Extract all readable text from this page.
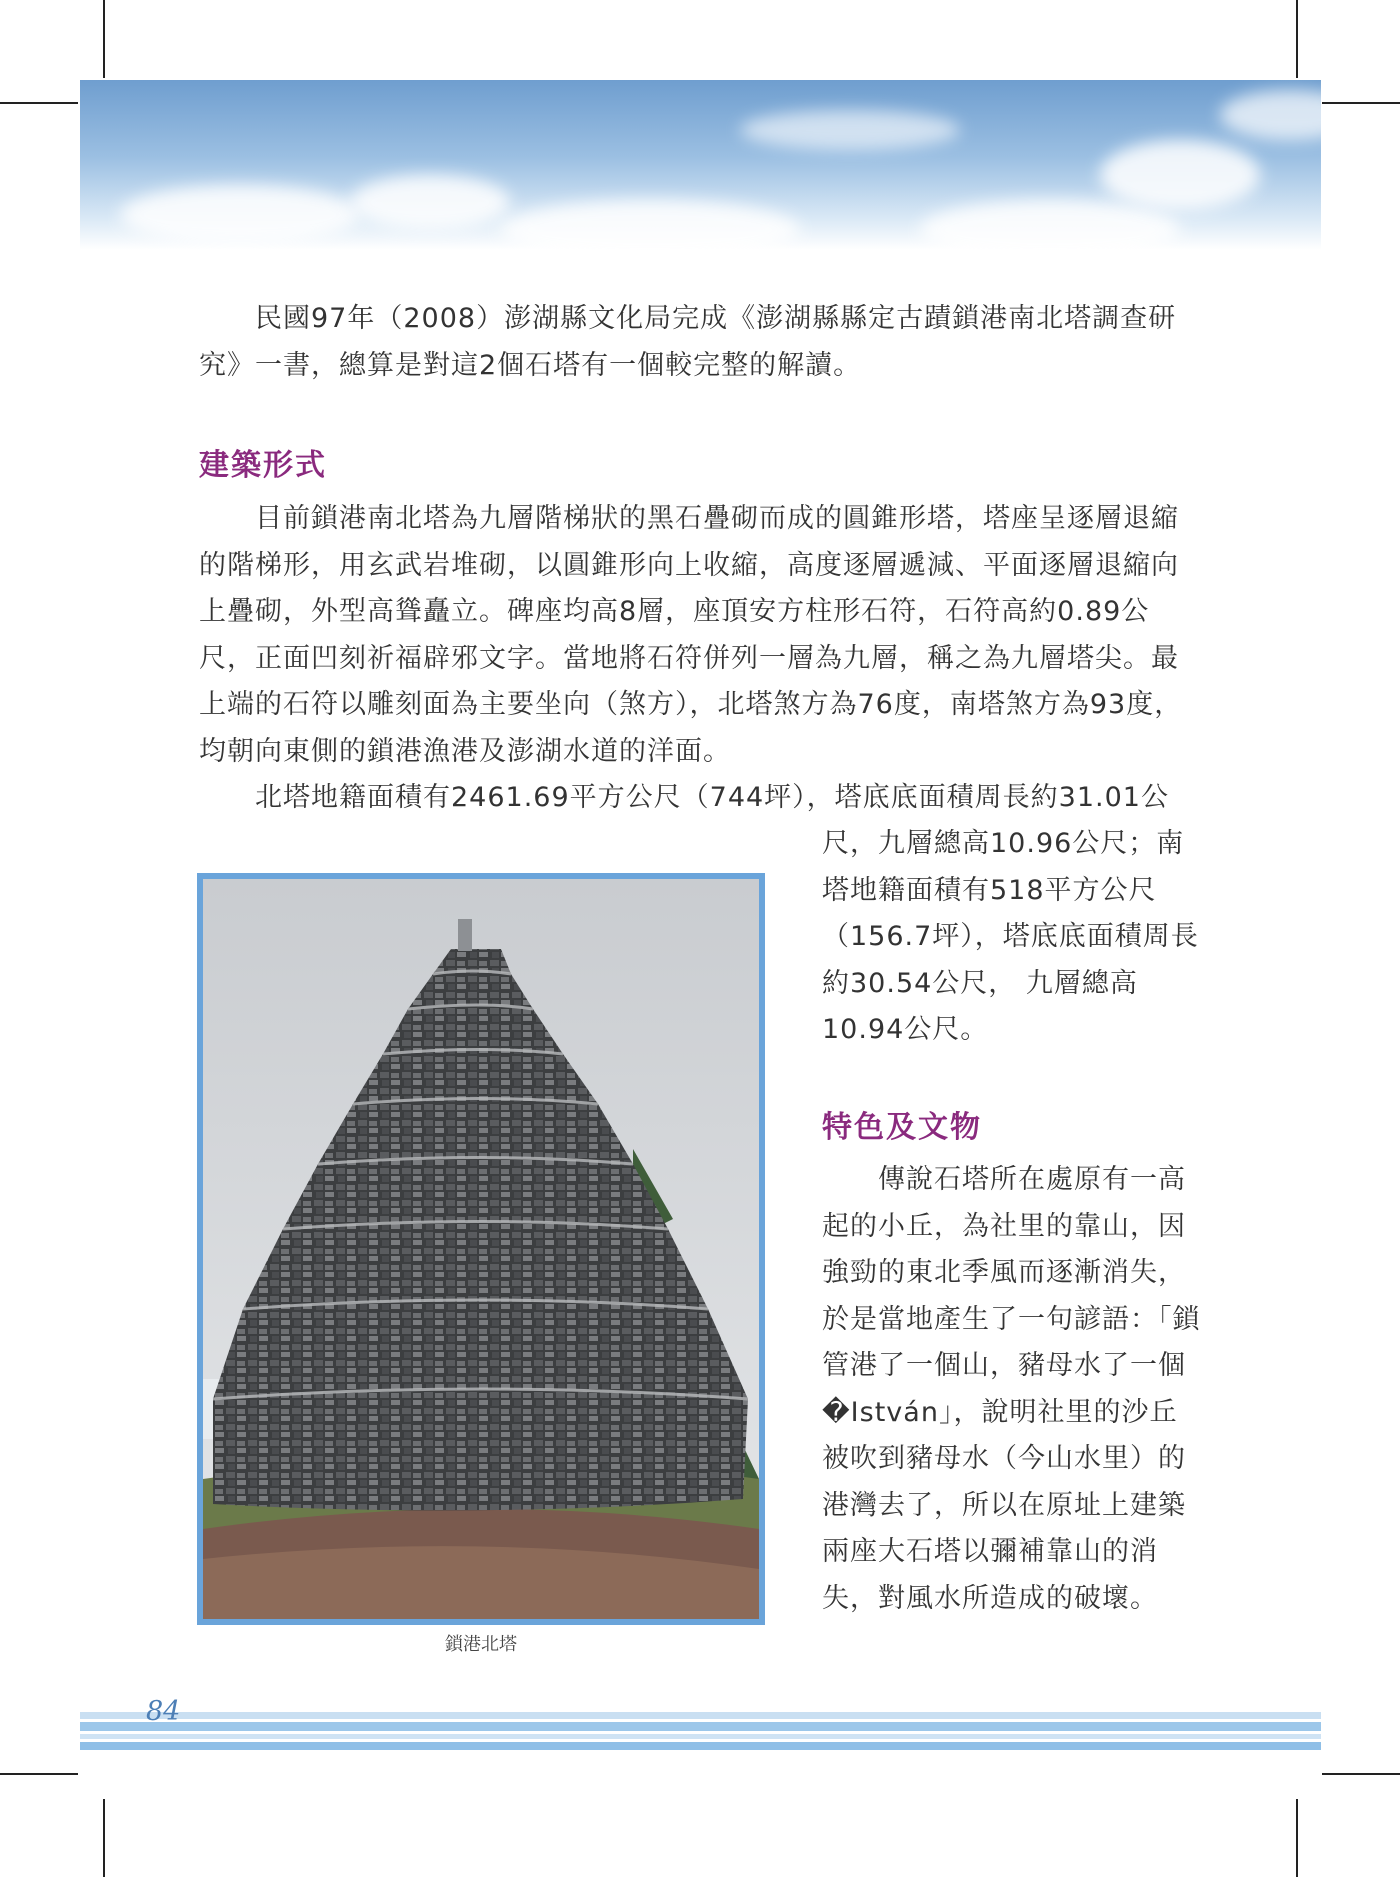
民國97年（2008）澎湖縣文化局完成《澎湖縣縣定古蹟鎖港南北塔調查研究》一書，總算是對這2個石塔有一個較完整的解讀。

建築形式

目前鎖港南北塔為九層階梯狀的黑石疊砌而成的圓錐形塔，塔座呈逐層退縮的階梯形，用玄武岩堆砌，以圓錐形向上收縮，高度逐層遞減、平面逐層退縮向上疊砌，外型高聳矗立。碑座均高8層，座頂安方柱形石符，石符高約0.89公尺，正面凹刻祈福辟邪文字。當地將石符併列一層為九層，稱之為九層塔尖。最上端的石符以雕刻面為主要坐向（煞方），北塔煞方為76度，南塔煞方為93度，均朝向東側的鎖港漁港及澎湖水道的洋面。

北塔地籍面積有2461.69平方公尺（744坪），塔底底面積周長約31.01公

尺，九層總高10.96公尺；南塔地籍面積有518平方公尺（156.7坪），塔底底面積周長約30.54公尺， 九層總高10.94公尺。

鎖港北塔
特色及文物

傳說石塔所在處原有一高起的小丘，為社里的靠山，因強勁的東北季風而逐漸消失，於是當地產生了一句諺語：「鎖管港了一個山，豬母水了一個�István」，說明社里的沙丘被吹到豬母水（今山水里）的港灣去了，所以在原址上建築兩座大石塔以彌補靠山的消失，對風水所造成的破壞。

84
